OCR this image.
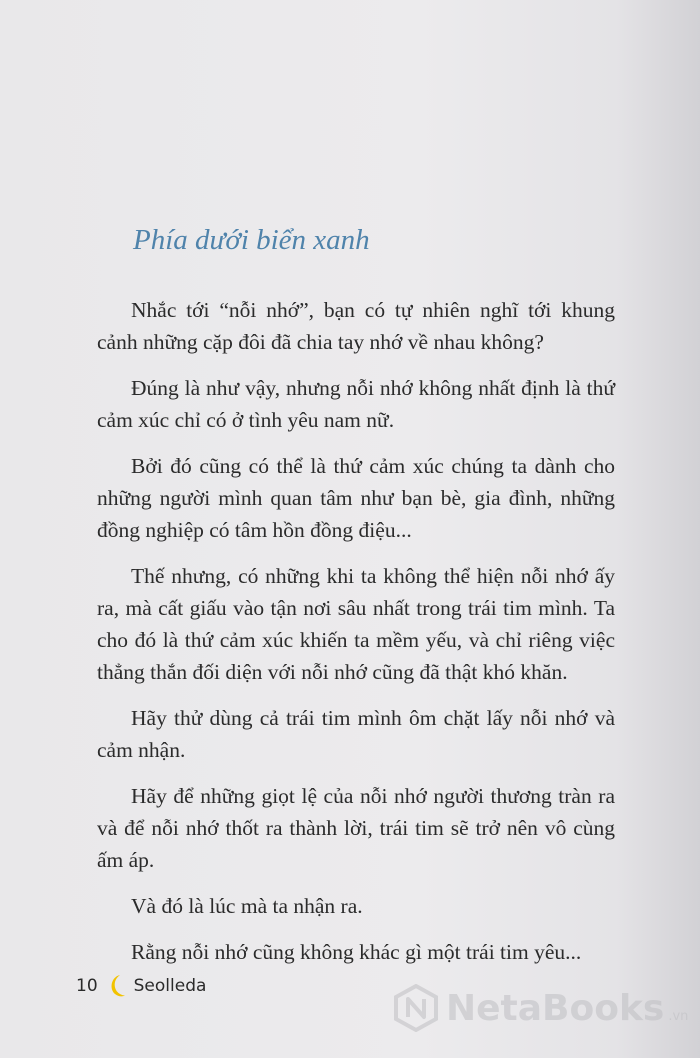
Phía dưới biển xanh

Nhắc tới “nỗi nhớ”, bạn có tự nhiên nghĩ tới khung cảnh những cặp đôi đã chia tay nhớ về nhau không?

Đúng là như vậy, nhưng nỗi nhớ không nhất định là thứ cảm xúc chỉ có ở tình yêu nam nữ.

Bởi đó cũng có thể là thứ cảm xúc chúng ta dành cho những người mình quan tâm như bạn bè, gia đình, những đồng nghiệp có tâm hồn đồng điệu...

Thế nhưng, có những khi ta không thể hiện nỗi nhớ ấy ra, mà cất giấu vào tận nơi sâu nhất trong trái tim mình. Ta cho đó là thứ cảm xúc khiến ta mềm yếu, và chỉ riêng việc thẳng thắn đối diện với nỗi nhớ cũng đã thật khó khăn.

Hãy thử dùng cả trái tim mình ôm chặt lấy nỗi nhớ và cảm nhận.

Hãy để những giọt lệ của nỗi nhớ người thương tràn ra và để nỗi nhớ thốt ra thành lời, trái tim sẽ trở nên vô cùng ấm áp.

Và đó là lúc mà ta nhận ra.

Rằng nỗi nhớ cũng không khác gì một trái tim yêu...

10 Seolleda
NetaBooks .vn
